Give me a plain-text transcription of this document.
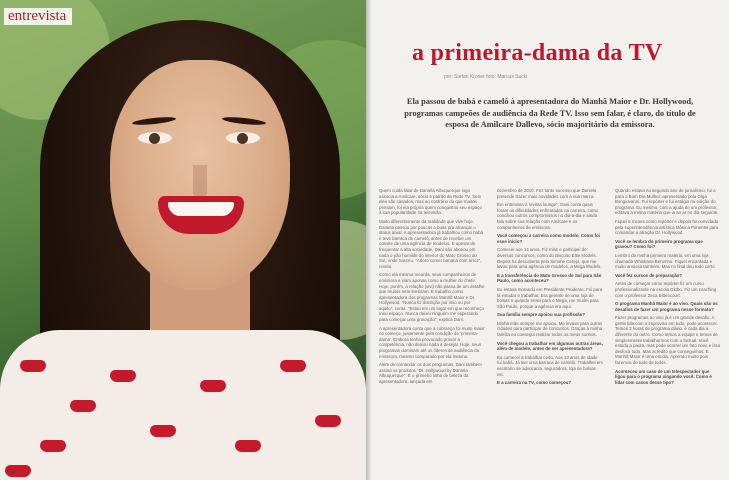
entrevista
34
a primeira-dama da TV
por: Stefan Kroner foto: Marcus Sucki
Ela passou de babá e camelô à apresentadora do Manhã Maior e Dr. Hollywood, programas campeões de audiência da Rede TV. Isso sem falar, é claro, do título de esposa de Amilcare Dallevo, sócio majoritário da emissora.

Quem cuida falar de Daniela Albuquerque logo associa a Amilcare, sócio e patrão da Rede TV. Sem eles são casados, mas ao contrário do que muitos pensam, foi ela própria quem conquistou seu espaço à sua popularidade na televisão.

Muito diferentemente da realidade que vive hoje, Daniela passou por poucas e boas pra alcançar o status atual. A apresentadora já trabalhou como babá e teve barraca de camelô, antes de receber um convite de uma agência de modelos. E apesar de frequentar a alta sociedade, Dani não abonou em nada o pão humilde do interior do Mato Grosso do Sul, onde nasceu. "Adoro comer banana com arroz", revela.

Como ela mesma recorda, seus companheiros de emissora a viam apenas como a mulher do chefe. Hoje, porém, a relação (vivi) não passa de um detalhe que muitos nem lembram. E trabalho como apresentadora dos programas Manhã Maior e Dr. Hollywood. "Nunca fiz distinção por isso ou por aquilo", conta. "Estou em um lugar em que reconheço meu espaço. Nunca deixei ninguém me esperando para começar uma gravação", explica Dani.

A apresentadora conta que a cobrança foi muito maior no começo, justamente pela condição de 'primeira-dama'. Embora tenha provocado provar a competência, não deixou nada a desejar. Hoje, seus programas dominam até os líderes de audiência da emissora, mesmo comparado por ela mesma.

Além de comandar os dois programas, Dani também assina os produtos "Dr. Hollywood by Daniela Albuquerque". É o primeiro linha de beleza da apresentadora, lançada em

dezembro de 2010. Fez tanto sucesso que Daniela pretende trazer mais novidades com a sua marca.

Em entrevista à revista lounge*, Dani conta quais foram os dificuldades enfrentadas na carreira, como conciliou outros compromissos no dia-a-dia e ainda fala sobre sua relação com Amilcare e os companheiros de emissora.

Você começou a carreira como modelo. Como foi esse início?

Comecei aos 14 anos. Fiz miss e participei de diversos concursos, como do Biscoito Elite Models. Depois fui descoberta pela Simone Cerejo, que me levou para uma agência de modelos, a Mega Models.

E a transferência do Mato Grosso do Sul para São Paulo, como aconteceu?

Eu estava morando em Presidente Prudente. Fui para lá estudar e trabalhar. Era gerente de uma loja de bolsas e quando ensei para o Mega, me mudei para São Paulo, porque a agência era aqui.

Sua família sempre apoiou sua profissão?

Minha mãe sempre me apoiou. Me levava para outras cidades para participar de concursos. Graças à minha família eu consegui realizar todos os meus sonhos.

Você chegou a trabalhar em algumas outras áreas, além de modelo, antes de ser apresentadora?

Eu comecei a trabalhar cedo. Aos 13 anos de idade fui babá. Já tive uma barraca de camelô. Trabalhei em escritório de advocacia, seguradora, loja de bolsas etc.

E a carreira na TV, como começou?

Quando estava no segundo ano de jornalismo, fui a para o Bom Dia Mulher, apresentado pela Olga Bongiovanni. Fui repórter e fui estágio na edição do programa. Eu mesmo, com a ajuda de um professor, editava a minha matéria que ia ao ar no dia seguinte.

Fiquei 6 meses como repórter e depois fui convidada pela superintendência artística Mônica Pimentel para comandar a atração Dr. Hollywood.

Você se lembra do primeiro programa que gravou? Como foi?

Lembro da minha primeira matéria, em uma loja chamada Whiskaria Benerino. Fiquei encantada e muito ansiosa também. Mas no final deu tudo certo.

Você fez cursos de preparação?

Antes de começar como repórter fiz um curso profissionalizante na escola Globo. Fiz um coaching com o professor Zeca Bittencourt.

O programa Manhã Maior é ao vivo. Quais são os desafios de fazer um programa nesse formato?

Fazer programas ao vivo já é um grande desafio. A gente lida com o improviso em tudo, pode acontecer. Temos 3 horas de programa diário, é cada dia a diferente do outro. Como temos a equipe e temos de simplesmente trabalharmos com o factual. Você estuda a pauta, mas pode ocorrer um fato novo e isso desfoca tudo. Mas acredito que conseguimos. E Manhã Maior é uma escola. Aprendo muito pois fazemos de tudo de todos.

Aconteceu um caso de um telespectador que ligou para o programa xingando você. Como é lidar com casos desse tipo?
